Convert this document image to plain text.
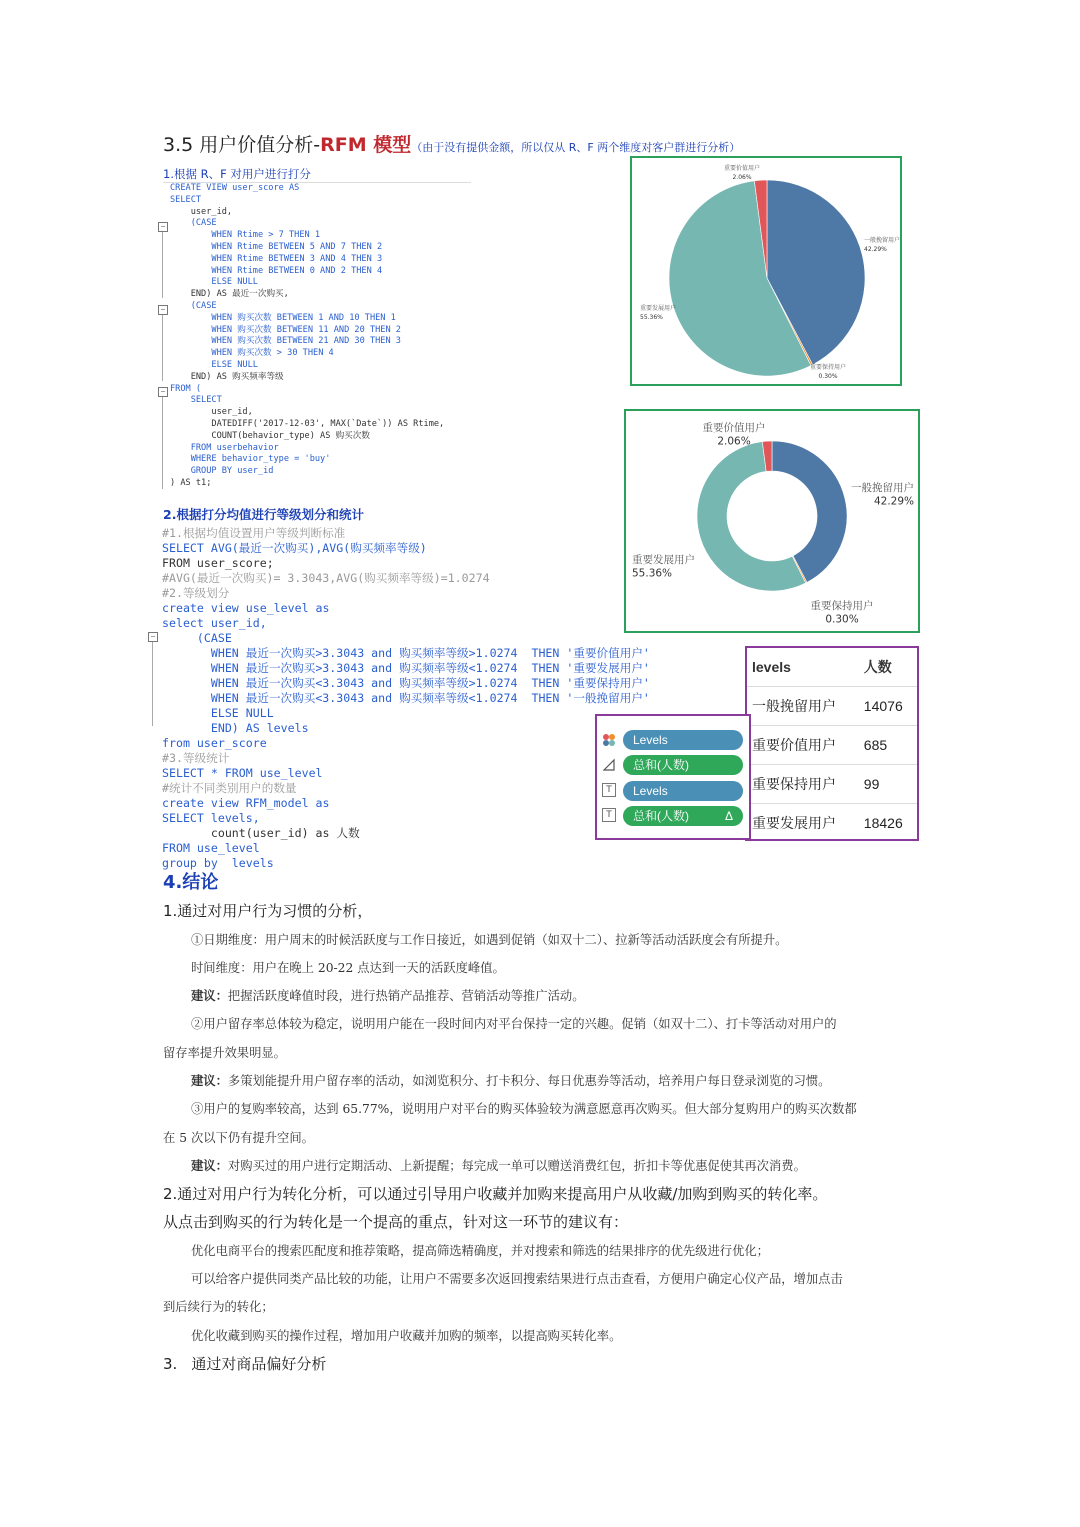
3.5 用户价值分析-RFM 模型（由于没有提供金额，所以仅从 R、F 两个维度对客户群进行分析）
1.根据 R、F 对用户进行打分
−
−
−
CREATE VIEW user_score AS
SELECT
user_id,
(CASE
WHEN Rtime > 7 THEN 1
WHEN Rtime BETWEEN 5 AND 7 THEN 2
WHEN Rtime BETWEEN 3 AND 4 THEN 3
WHEN Rtime BETWEEN 0 AND 2 THEN 4
ELSE NULL
END) AS 最近一次购买,
(CASE
WHEN 购买次数 BETWEEN 1 AND 10 THEN 1
WHEN 购买次数 BETWEEN 11 AND 20 THEN 2
WHEN 购买次数 BETWEEN 21 AND 30 THEN 3
WHEN 购买次数 > 30 THEN 4
ELSE NULL
END) AS 购买频率等级
FROM (
SELECT
user_id,
DATEDIFF('2017-12-03', MAX(`Date`)) AS Rtime,
COUNT(behavior_type) AS 购买次数
FROM userbehavior
WHERE behavior_type = 'buy'
GROUP BY user_id
) AS t1;
2.根据打分均值进行等级划分和统计
−
#1.根据均值设置用户等级判断标准
SELECT AVG(最近一次购买),AVG(购买频率等级)
FROM user_score;
#AVG(最近一次购买)= 3.3043,AVG(购买频率等级)=1.0274
#2.等级划分
create view use_level as
select user_id,
(CASE
WHEN 最近一次购买>3.3043 and 购买频率等级>1.0274  THEN '重要价值用户'
WHEN 最近一次购买>3.3043 and 购买频率等级<1.0274  THEN '重要发展用户'
WHEN 最近一次购买<3.3043 and 购买频率等级>1.0274  THEN '重要保持用户'
WHEN 最近一次购买<3.3043 and 购买频率等级<1.0274  THEN '一般挽留用户'
ELSE NULL
END) AS levels
from user_score
#3.等级统计
SELECT * FROM use_level
#统计不同类别用户的数量
create view RFM_model as
SELECT levels,
count(user_id) as 人数
FROM use_level
group by  levels
一般挽留用户
42.29%
重要保持用户
0.30%
重要发展用户
55.36%
重要价值用户
2.06%
一般挽留用户
42.29%
重要保持用户
0.30%
重要发展用户
55.36%
重要价值用户
2.06%
levels	人数
一般挽留用户	14076
重要价值用户	685
重要保持用户	99
重要发展用户	18426
Levels
总和(人数)
T	Levels
T	总和(人数)	Δ
4.结论
1.通过对用户行为习惯的分析，
①日期维度：用户周末的时候活跃度与工作日接近，如遇到促销（如双十二）、拉新等活动活跃度会有所提升。
时间维度：用户在晚上 20-22 点达到一天的活跃度峰值。
建议：把握活跃度峰值时段，进行热销产品推荐、营销活动等推广活动。
②用户留存率总体较为稳定，说明用户能在一段时间内对平台保持一定的兴趣。促销（如双十二）、打卡等活动对用户的
留存率提升效果明显。
建议：多策划能提升用户留存率的活动，如浏览积分、打卡积分、每日优惠券等活动，培养用户每日登录浏览的习惯。
③用户的复购率较高，达到 65.77%，说明用户对平台的购买体验较为满意愿意再次购买。但大部分复购用户的购买次数都
在 5 次以下仍有提升空间。
建议：对购买过的用户进行定期活动、上新提醒；每完成一单可以赠送消费红包，折扣卡等优惠促使其再次消费。
2.通过对用户行为转化分析，可以通过引导用户收藏并加购来提高用户从收藏/加购到购买的转化率。
从点击到购买的行为转化是一个提高的重点，针对这一环节的建议有：
优化电商平台的搜索匹配度和推荐策略，提高筛选精确度，并对搜索和筛选的结果排序的优先级进行优化；
可以给客户提供同类产品比较的功能，让用户不需要多次返回搜索结果进行点击查看，方便用户确定心仪产品，增加点击
到后续行为的转化；
优化收藏到购买的操作过程，增加用户收藏并加购的频率，以提高购买转化率。
3. 通过对商品偏好分析
